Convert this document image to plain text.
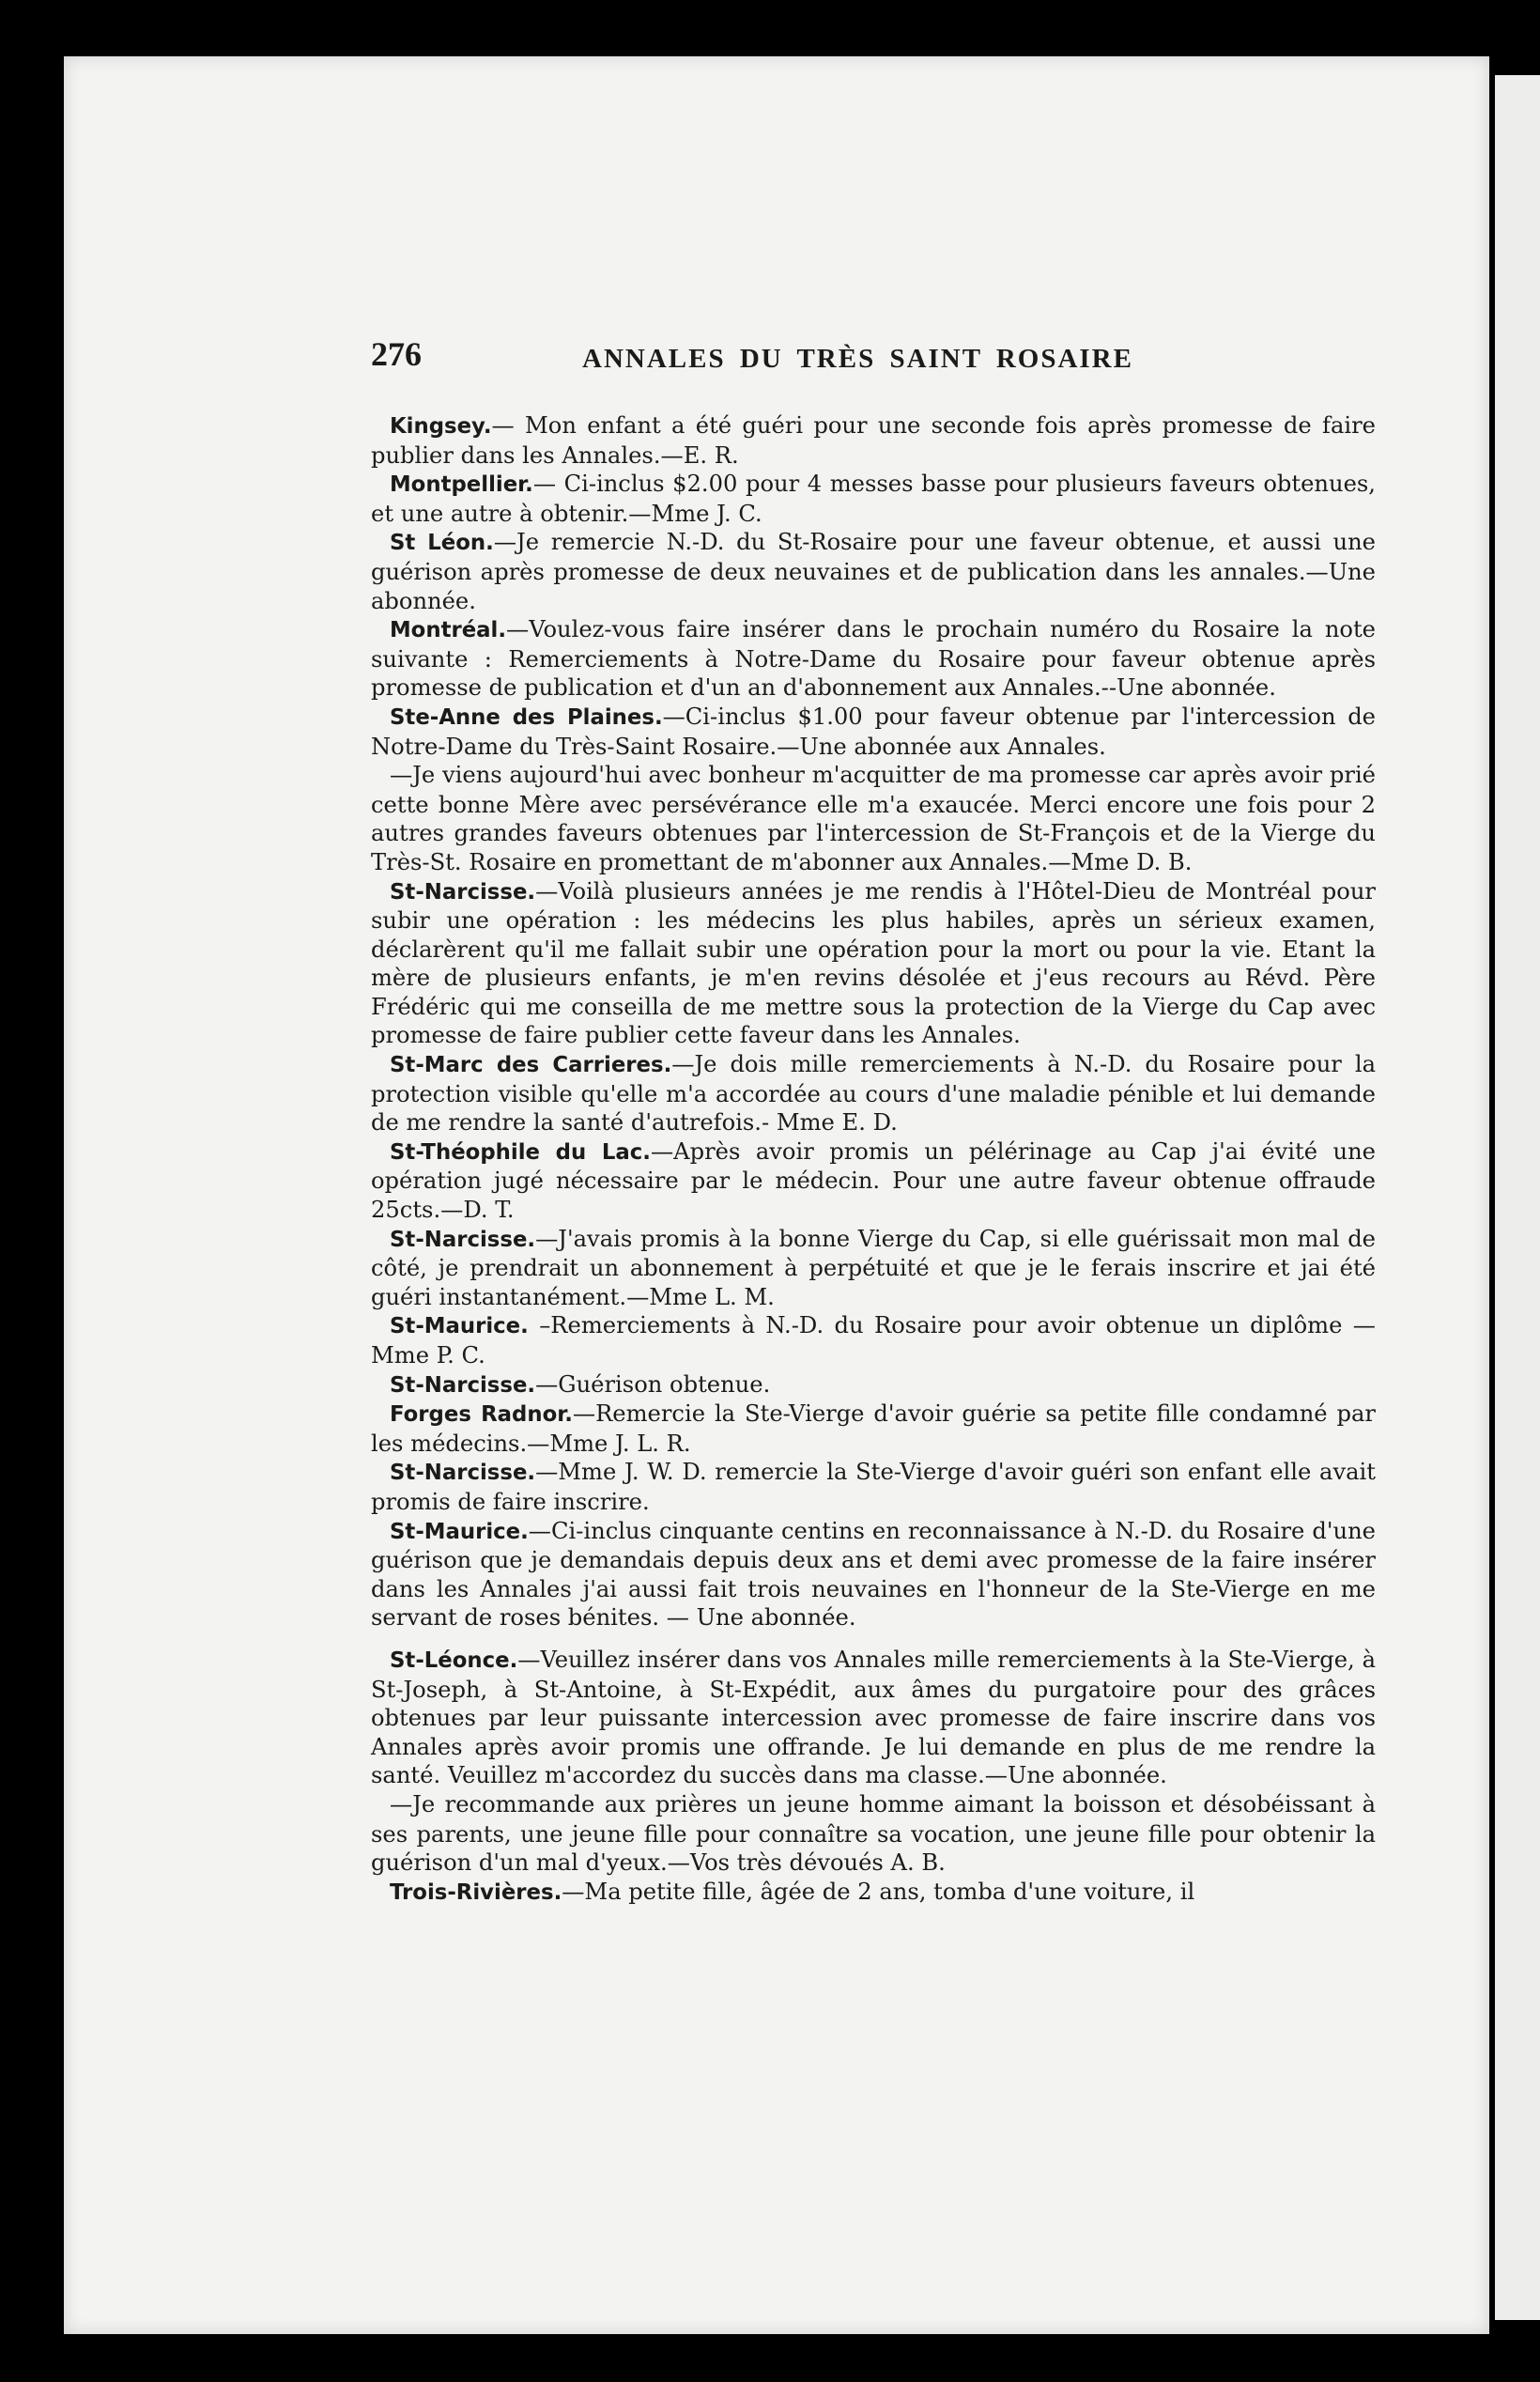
276	ANNALES DU TRÈS SAINT ROSAIRE

Kingsey.— Mon enfant a été guéri pour une seconde fois après promesse de faire publier dans les Annales.—E. R.

Montpellier.— Ci-inclus $2.00 pour 4 messes basse pour plusieurs faveurs obtenues, et une autre à obtenir.—Mme J. C.

St Léon.—Je remercie N.-D. du St-Rosaire pour une faveur obtenue, et aussi une guérison après promesse de deux neuvaines et de publication dans les annales.—Une abonnée.

Montréal.—Voulez-vous faire insérer dans le prochain numéro du Rosaire la note suivante : Remerciements à Notre-Dame du Rosaire pour faveur obtenue après promesse de publication et d'un an d'abonnement aux Annales.--Une abonnée.

Ste-Anne des Plaines.—Ci-inclus $1.00 pour faveur obtenue par l'intercession de Notre-Dame du Très-Saint Rosaire.—Une abonnée aux Annales.

—Je viens aujourd'hui avec bonheur m'acquitter de ma promesse car après avoir prié cette bonne Mère avec persévérance elle m'a exaucée. Merci encore une fois pour 2 autres grandes faveurs obtenues par l'intercession de St-François et de la Vierge du Très-St. Rosaire en promettant de m'abonner aux Annales.—Mme D. B.

St-Narcisse.—Voilà plusieurs années je me rendis à l'Hôtel-Dieu de Montréal pour subir une opération : les médecins les plus habiles, après un sérieux examen, déclarèrent qu'il me fallait subir une opération pour la mort ou pour la vie. Etant la mère de plusieurs enfants, je m'en revins désolée et j'eus recours au Révd. Père Frédéric qui me conseilla de me mettre sous la protection de la Vierge du Cap avec promesse de faire publier cette faveur dans les Annales.

St-Marc des Carrieres.—Je dois mille remerciements à N.-D. du Rosaire pour la protection visible qu'elle m'a accordée au cours d'une maladie pénible et lui demande de me rendre la santé d'autrefois.- Mme E. D.

St-Théophile du Lac.—Après avoir promis un pélérinage au Cap j'ai évité une opération jugé nécessaire par le médecin. Pour une autre faveur obtenue offraude 25cts.—D. T.

St-Narcisse.—J'avais promis à la bonne Vierge du Cap, si elle guérissait mon mal de côté, je prendrait un abonnement à perpétuité et que je le ferais inscrire et jai été guéri instantanément.—Mme L. M.

St-Maurice. –Remerciements à N.-D. du Rosaire pour avoir obtenue un diplôme —Mme P. C.

St-Narcisse.—Guérison obtenue.

Forges Radnor.—Remercie la Ste-Vierge d'avoir guérie sa petite fille condamné par les médecins.—Mme J. L. R.

St-Narcisse.—Mme J. W. D. remercie la Ste-Vierge d'avoir guéri son enfant elle avait promis de faire inscrire.

St-Maurice.—Ci-inclus cinquante centins en reconnaissance à N.-D. du Rosaire d'une guérison que je demandais depuis deux ans et demi avec promesse de la faire insérer dans les Annales j'ai aussi fait trois neuvaines en l'honneur de la Ste-Vierge en me servant de roses bénites. — Une abonnée.

St-Léonce.—Veuillez insérer dans vos Annales mille remerciements à la Ste-Vierge, à St-Joseph, à St-Antoine, à St-Expédit, aux âmes du purgatoire pour des grâces obtenues par leur puissante intercession avec promesse de faire inscrire dans vos Annales après avoir promis une offrande. Je lui demande en plus de me rendre la santé. Veuillez m'accordez du succès dans ma classe.—Une abonnée.

—Je recommande aux prières un jeune homme aimant la boisson et désobéissant à ses parents, une jeune fille pour connaître sa vocation, une jeune fille pour obtenir la guérison d'un mal d'yeux.—Vos très dévoués A. B.

Trois-Rivières.—Ma petite fille, âgée de 2 ans, tomba d'une voiture, il
